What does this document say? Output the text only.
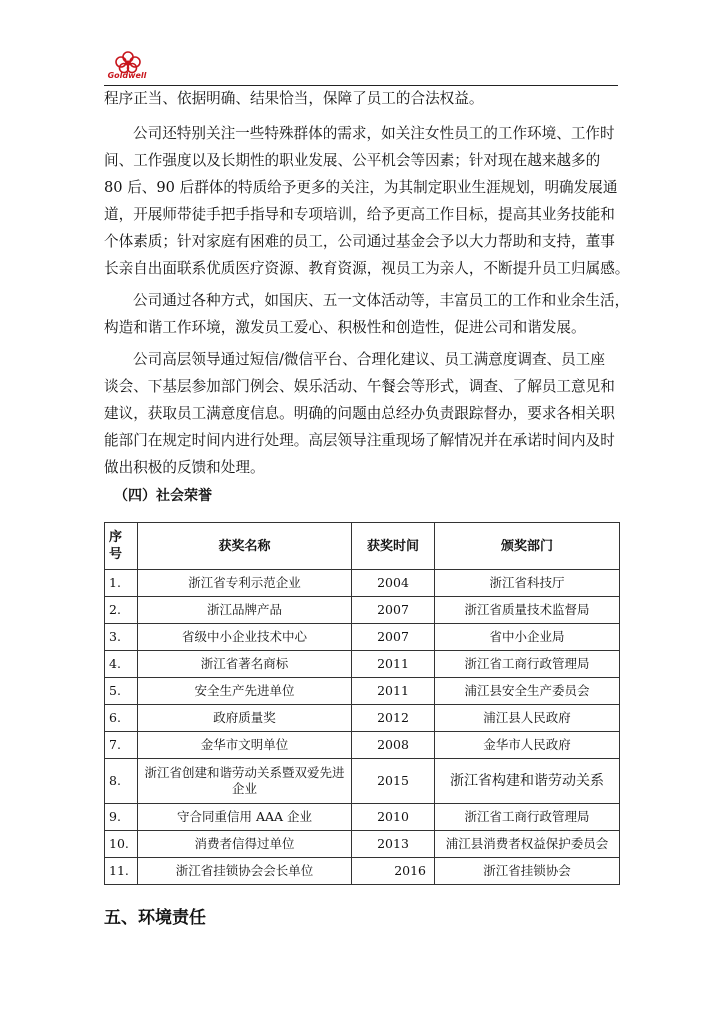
Goldwell
程序正当、依据明确、结果恰当，保障了员工的合法权益。
公司还特别关注一些特殊群体的需求，如关注女性员工的工作环境、工作时
间、工作强度以及长期性的职业发展、公平机会等因素；针对现在越来越多的
80 后、90 后群体的特质给予更多的关注，为其制定职业生涯规划，明确发展通
道，开展师带徒手把手指导和专项培训，给予更高工作目标，提高其业务技能和
个体素质；针对家庭有困难的员工，公司通过基金会予以大力帮助和支持，董事
长亲自出面联系优质医疗资源、教育资源，视员工为亲人，不断提升员工归属感。
公司通过各种方式，如国庆、五一文体活动等，丰富员工的工作和业余生活，
构造和谐工作环境，激发员工爱心、积极性和创造性，促进公司和谐发展。
公司高层领导通过短信/微信平台、合理化建议、员工满意度调查、员工座
谈会、下基层参加部门例会、娱乐活动、午餐会等形式，调查、了解员工意见和
建议，获取员工满意度信息。明确的问题由总经办负责跟踪督办，要求各相关职
能部门在规定时间内进行处理。高层领导注重现场了解情况并在承诺时间内及时
做出积极的反馈和处理。
（四）社会荣誉
序号	获奖名称	获奖时间	颁奖部门
1.	浙江省专利示范企业	2004	浙江省科技厅
2.	浙江品牌产品	2007	浙江省质量技术监督局
3.	省级中小企业技术中心	2007	省中小企业局
4.	浙江省著名商标	2011	浙江省工商行政管理局
5.	安全生产先进单位	2011	浦江县安全生产委员会
6.	政府质量奖	2012	浦江县人民政府
7.	金华市文明单位	2008	金华市人民政府
8.	浙江省创建和谐劳动关系暨双爱先进企业	2015	浙江省构建和谐劳动关系
9.	守合同重信用 AAA 企业	2010	浙江省工商行政管理局
10.	消费者信得过单位	2013	浦江县消费者权益保护委员会
11.	浙江省挂锁协会会长单位	2016	浙江省挂锁协会
五、环境责任
